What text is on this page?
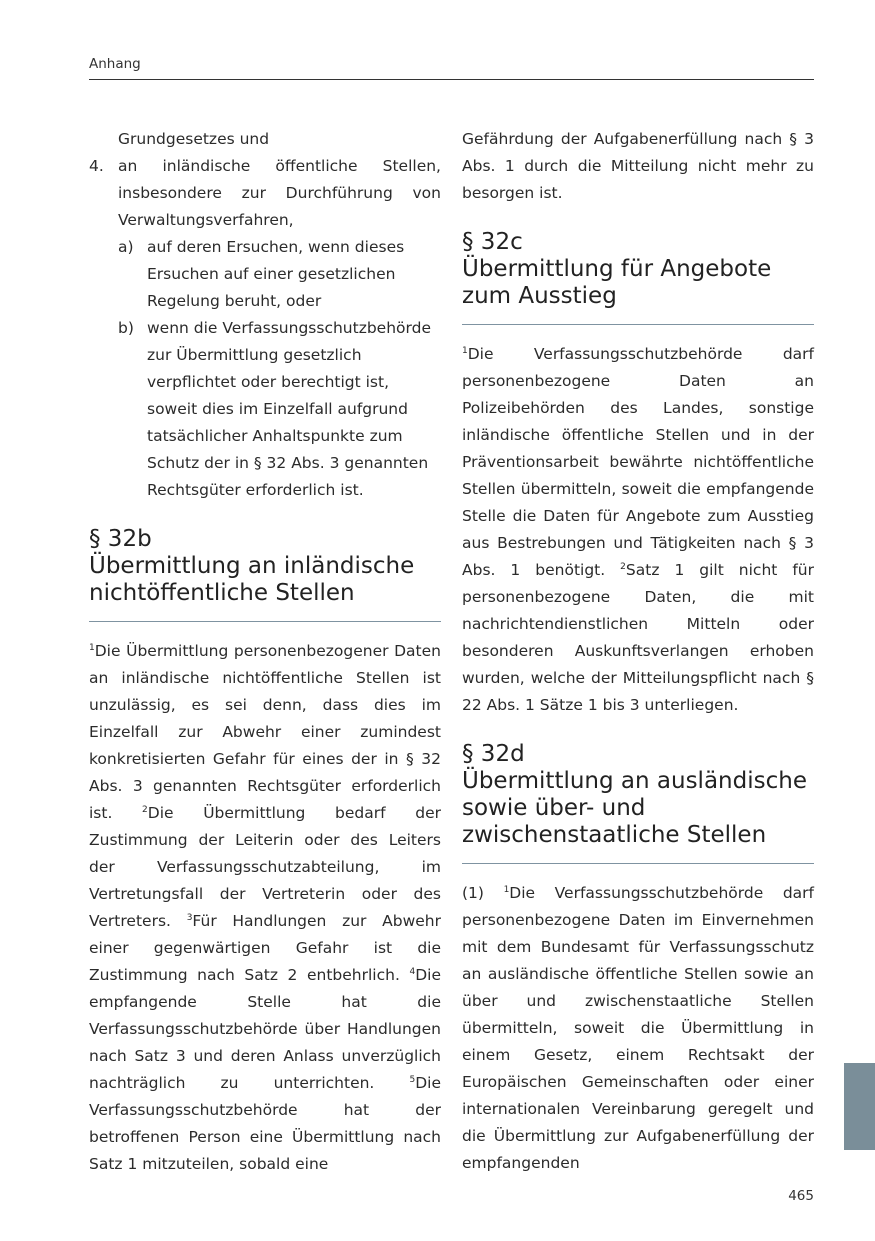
Anhang

Grundgesetzes und

4. an inländische öffentliche Stellen, insbesondere zur Durchführung von Verwaltungsverfahren,
a) auf deren Ersuchen, wenn dieses Ersuchen auf einer gesetzlichen Regelung beruht, oder
b) wenn die Verfassungsschutzbehörde zur Übermittlung gesetzlich verpflichtet oder berechtigt ist, soweit dies im Einzelfall aufgrund tatsächlicher Anhaltspunkte zum Schutz der in § 32 Abs. 3 genannten Rechtsgüter erforderlich ist.
§ 32b
Übermittlung an inländische nichtöffentliche Stellen

$^1$Die Übermittlung personenbezogener Daten an inländische nichtöffentliche Stellen ist unzulässig, es sei denn, dass dies im Einzelfall zur Abwehr einer zumindest konkretisierten Gefahr für eines der in § 32 Abs. 3 genannten Rechtsgüter erforderlich ist.	$^2$Die Übermittlung bedarf der Zustimmung der Leiterin oder des Leiters der Verfassungsschutzabteilung, im Vertretungsfall der Vertreterin oder des Vertreters. $^3$Für Handlungen zur Abwehr einer gegenwärtigen Gefahr ist die Zustimmung nach Satz 2 entbehrlich. $^4$Die empfangende Stelle hat die Verfassungsschutzbehörde über Handlungen nach Satz 3 und deren Anlass unverzüglich nachträglich zu unterrichten.	$^5$Die Verfassungsschutzbehörde hat der betroffenen Person eine Übermittlung nach Satz 1 mitzuteilen, sobald eine

Gefährdung der Aufgabenerfüllung nach § 3 Abs. 1 durch die Mitteilung nicht mehr zu besorgen ist.

§ 32c
Übermittlung für Angebote zum Ausstieg

$^1$Die Verfassungsschutzbehörde darf personenbezogene Daten an Polizeibehörden des Landes, sonstige inländische öffentliche Stellen und in der Präventionsarbeit bewährte nichtöffentliche Stellen übermitteln, soweit die empfangende Stelle die Daten für Angebote zum Ausstieg aus Bestrebungen und Tätigkeiten nach § 3 Abs. 1 benötigt. $^2$Satz 1 gilt nicht für personenbezogene Daten, die mit nachrichtendienstlichen Mitteln oder besonderen Auskunftsverlangen erhoben wurden, welche der Mitteilungspflicht nach § 22 Abs. 1 Sätze 1 bis 3 unterliegen.

§ 32d
Übermittlung an ausländische sowie über- und zwischenstaatliche Stellen

(1) $^1$Die Verfassungsschutzbehörde darf personenbezogene Daten im Einvernehmen mit dem Bundesamt für Verfassungsschutz an ausländische öffentliche Stellen sowie an über und zwischenstaatliche Stellen übermitteln, soweit die Übermittlung in einem Gesetz, einem Rechtsakt der Europäischen Gemeinschaften oder einer internationalen Vereinbarung geregelt und die Übermittlung zur Aufgabenerfüllung der empfangenden

465
